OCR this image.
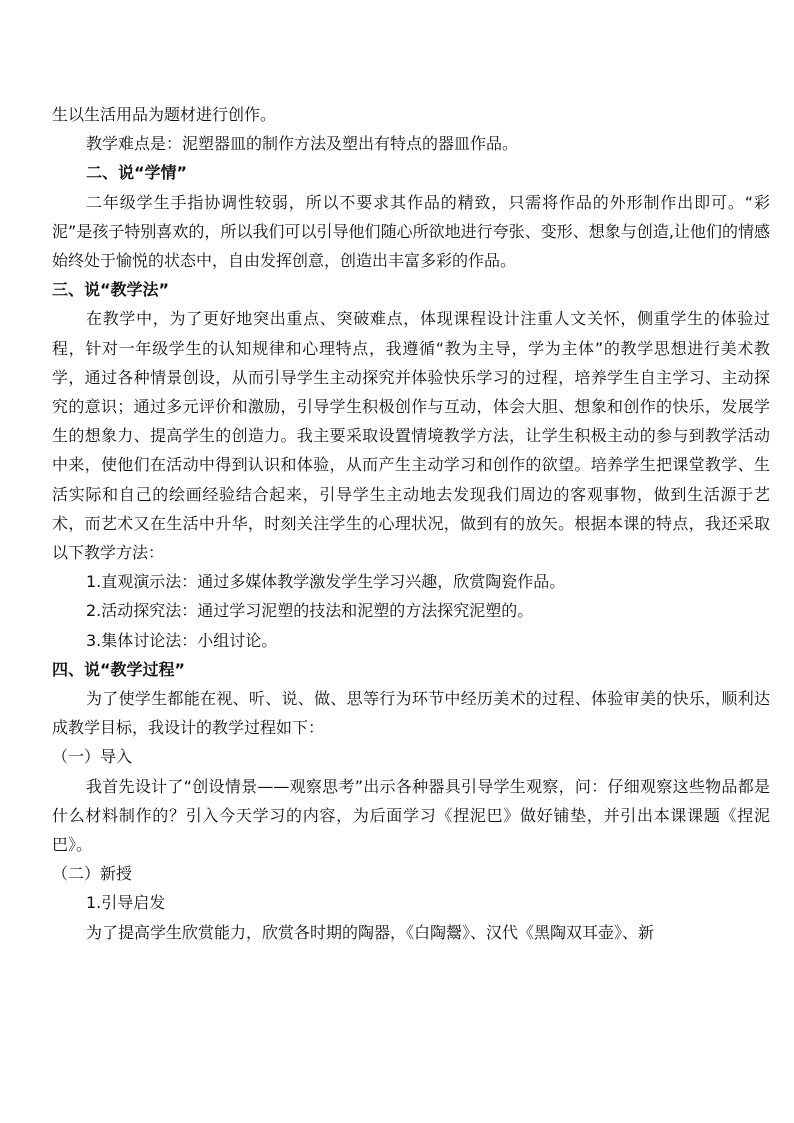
生以生活用品为题材进行创作。

教学难点是：泥塑器皿的制作方法及塑出有特点的器皿作品。

二、说“学情”

二年级学生手指协调性较弱，所以不要求其作品的精致，只需将作品的外形制作出即可。“彩泥”是孩子特别喜欢的，所以我们可以引导他们随心所欲地进行夸张、变形、想象与创造,让他们的情感始终处于愉悦的状态中，自由发挥创意，创造出丰富多彩的作品。

三、说“教学法”

在教学中，为了更好地突出重点、突破难点，体现课程设计注重人文关怀，侧重学生的体验过程，针对一年级学生的认知规律和心理特点，我遵循“教为主导，学为主体”的教学思想进行美术教学，通过各种情景创设，从而引导学生主动探究并体验快乐学习的过程，培养学生自主学习、主动探究的意识；通过多元评价和激励，引导学生积极创作与互动，体会大胆、想象和创作的快乐，发展学生的想象力、提高学生的创造力。我主要采取设置情境教学方法，让学生积极主动的参与到教学活动中来，使他们在活动中得到认识和体验，从而产生主动学习和创作的欲望。培养学生把课堂教学、生活实际和自己的绘画经验结合起来，引导学生主动地去发现我们周边的客观事物，做到生活源于艺术，而艺术又在生活中升华，时刻关注学生的心理状况，做到有的放矢。根据本课的特点，我还采取以下教学方法：

1.直观演示法：通过多媒体教学激发学生学习兴趣，欣赏陶瓷作品。

2.活动探究法：通过学习泥塑的技法和泥塑的方法探究泥塑的。

3.集体讨论法：小组讨论。

四、说“教学过程”

为了使学生都能在视、听、说、做、思等行为环节中经历美术的过程、体验审美的快乐，顺利达成教学目标，我设计的教学过程如下：

（一）导入

我首先设计了“创设情景——观察思考”出示各种器具引导学生观察，问：仔细观察这些物品都是什么材料制作的？引入今天学习的内容，为后面学习《捏泥巴》做好铺垫，并引出本课课题《捏泥巴》。

（二）新授

1.引导启发

为了提高学生欣赏能力，欣赏各时期的陶器，《白陶鬶》、汉代《黑陶双耳壶》、新
